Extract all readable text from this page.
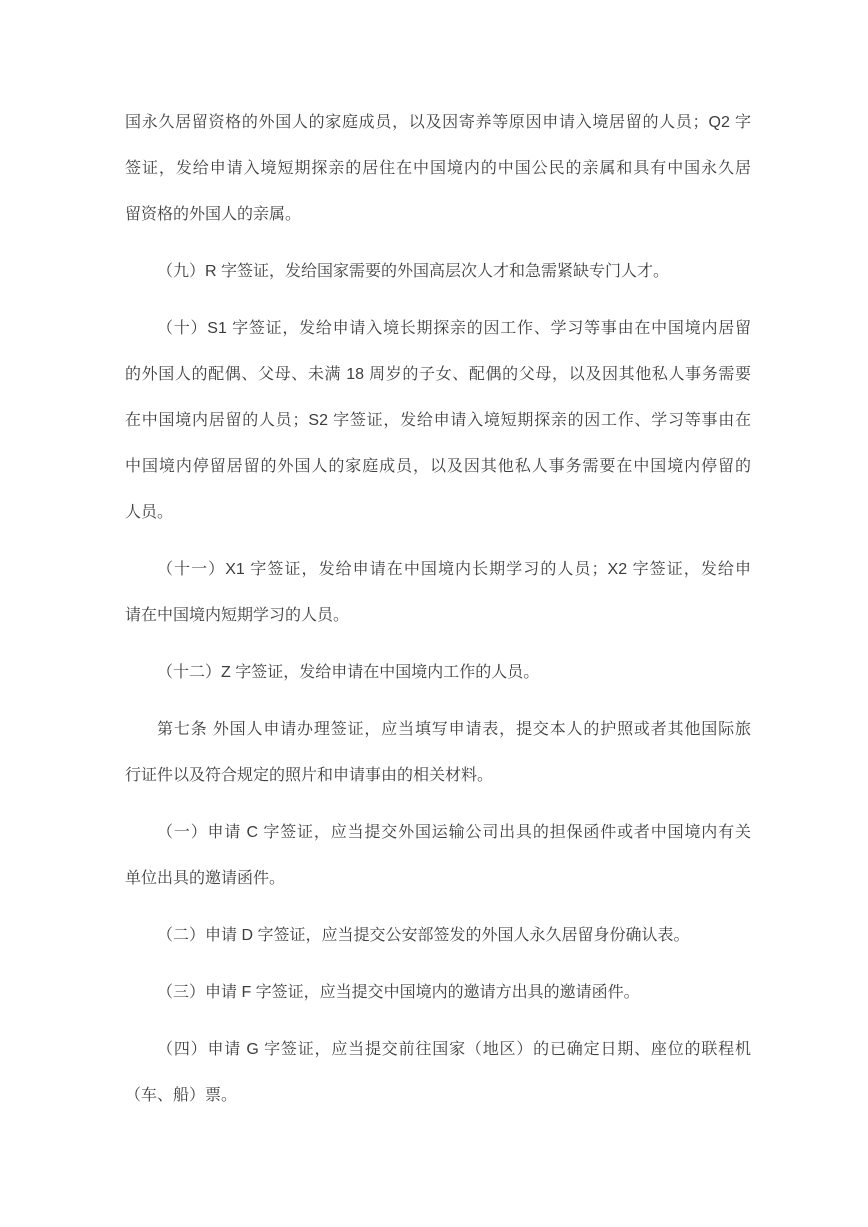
国永久居留资格的外国人的家庭成员，以及因寄养等原因申请入境居留的人员；Q2 字
签证，发给申请入境短期探亲的居住在中国境内的中国公民的亲属和具有中国永久居
留资格的外国人的亲属。
（九）R 字签证，发给国家需要的外国高层次人才和急需紧缺专门人才。
（十）S1 字签证，发给申请入境长期探亲的因工作、学习等事由在中国境内居留
的外国人的配偶、父母、未满 18 周岁的子女、配偶的父母，以及因其他私人事务需要
在中国境内居留的人员；S2 字签证，发给申请入境短期探亲的因工作、学习等事由在
中国境内停留居留的外国人的家庭成员，以及因其他私人事务需要在中国境内停留的
人员。
（十一）X1 字签证，发给申请在中国境内长期学习的人员；X2 字签证，发给申
请在中国境内短期学习的人员。
（十二）Z 字签证，发给申请在中国境内工作的人员。
第七条 外国人申请办理签证，应当填写申请表，提交本人的护照或者其他国际旅
行证件以及符合规定的照片和申请事由的相关材料。
（一）申请 C 字签证，应当提交外国运输公司出具的担保函件或者中国境内有关
单位出具的邀请函件。
（二）申请 D 字签证，应当提交公安部签发的外国人永久居留身份确认表。
（三）申请 F 字签证，应当提交中国境内的邀请方出具的邀请函件。
（四）申请 G 字签证，应当提交前往国家（地区）的已确定日期、座位的联程机
（车、船）票。
